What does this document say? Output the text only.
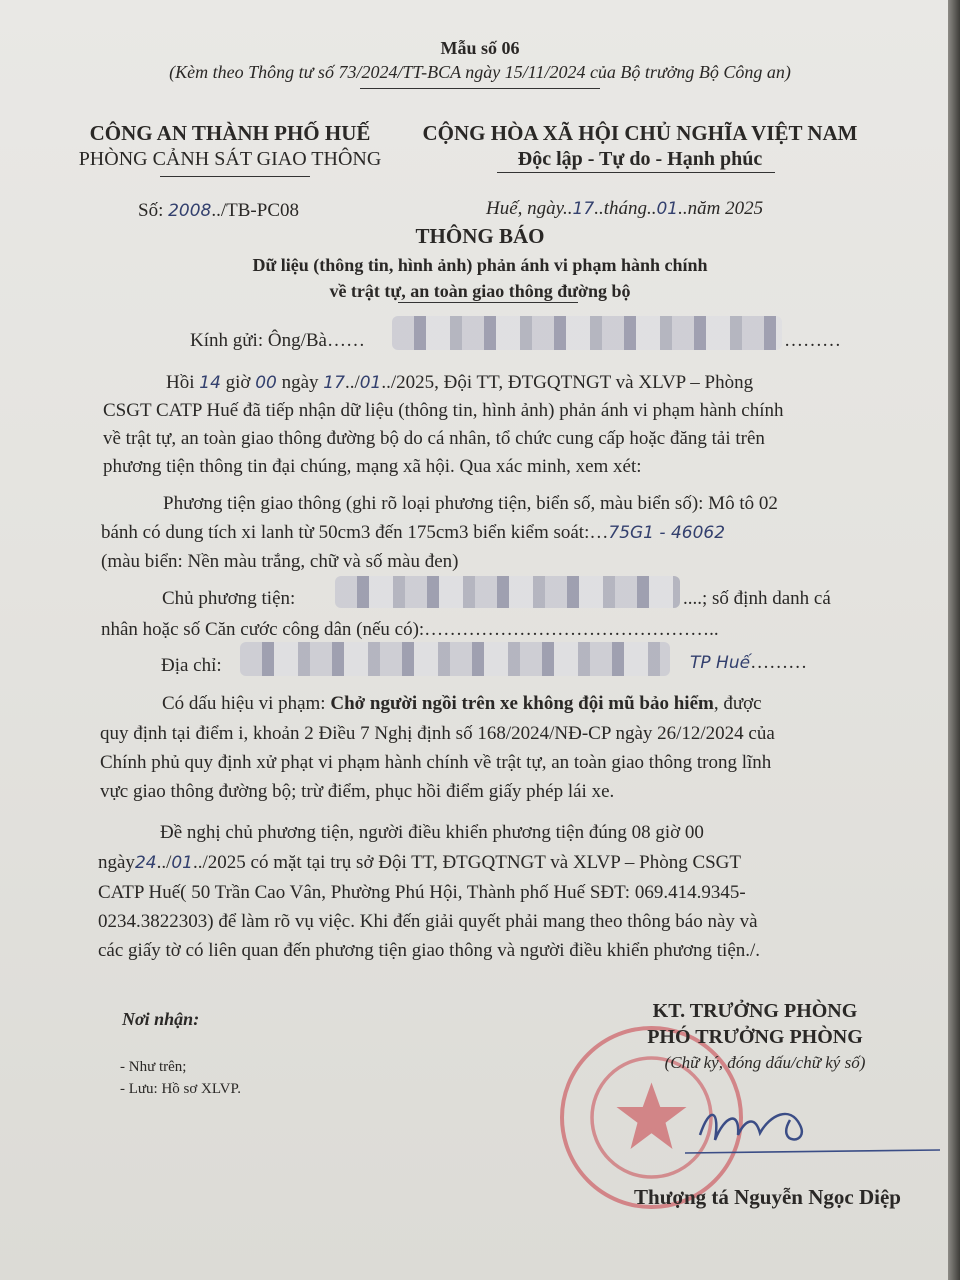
Mẫu số 06
(Kèm theo Thông tư số 73/2024/TT-BCA ngày 15/11/2024 của Bộ trưởng Bộ Công an)
CÔNG AN THÀNH PHỐ HUẾ
PHÒNG CẢNH SÁT GIAO THÔNG
CỘNG HÒA XÃ HỘI CHỦ NGHĨA VIỆT NAM
Độc lập - Tự do - Hạnh phúc
Số: 2008../TB-PC08	Huế, ngày..17..tháng..01..năm 2025
THÔNG BÁO
Dữ liệu (thông tin, hình ảnh) phản ánh vi phạm hành chính
về trật tự, an toàn giao thông đường bộ
Kính gửi: Ông/Bà……	………
Hồi 14 giờ 00 ngày 17../01../2025, Đội TT, ĐTGQTNGT và XLVP – Phòng
CSGT CATP Huế đã tiếp nhận dữ liệu (thông tin, hình ảnh) phản ánh vi phạm hành chính
về trật tự, an toàn giao thông đường bộ do cá nhân, tổ chức cung cấp hoặc đăng tải trên
phương tiện thông tin đại chúng, mạng xã hội. Qua xác minh, xem xét:
Phương tiện giao thông (ghi rõ loại phương tiện, biển số, màu biển số): Mô tô 02
bánh có dung tích xi lanh từ 50cm3 đến 175cm3 biển kiểm soát:…75G1 - 46062
(màu biển: Nền màu trắng, chữ và số màu đen)
Chủ phương tiện:	....; số định danh cá
nhân hoặc số Căn cước công dân (nếu có):………………………………………..
Địa chỉ:	TP Huế………
Có dấu hiệu vi phạm: Chở người ngồi trên xe không đội mũ bảo hiểm, được
quy định tại điểm i, khoản 2 Điều 7 Nghị định số 168/2024/NĐ-CP ngày 26/12/2024 của
Chính phủ quy định xử phạt vi phạm hành chính về trật tự, an toàn giao thông trong lĩnh
vực giao thông đường bộ; trừ điểm, phục hồi điểm giấy phép lái xe.
Đề nghị chủ phương tiện, người điều khiển phương tiện đúng 08 giờ 00
ngày24../01../2025 có mặt tại trụ sở Đội TT, ĐTGQTNGT và XLVP – Phòng CSGT
CATP Huế( 50 Trần Cao Vân, Phường Phú Hội, Thành phố Huế SĐT: 069.414.9345-
0234.3822303) để làm rõ vụ việc. Khi đến giải quyết phải mang theo thông báo này và
các giấy tờ có liên quan đến phương tiện giao thông và người điều khiển phương tiện./.
Nơi nhận:
- Như trên;
- Lưu: Hồ sơ XLVP.
KT. TRƯỞNG PHÒNG
PHÓ TRƯỞNG PHÒNG
(Chữ ký, đóng dấu/chữ ký số)
Thượng tá Nguyễn Ngọc Diệp
